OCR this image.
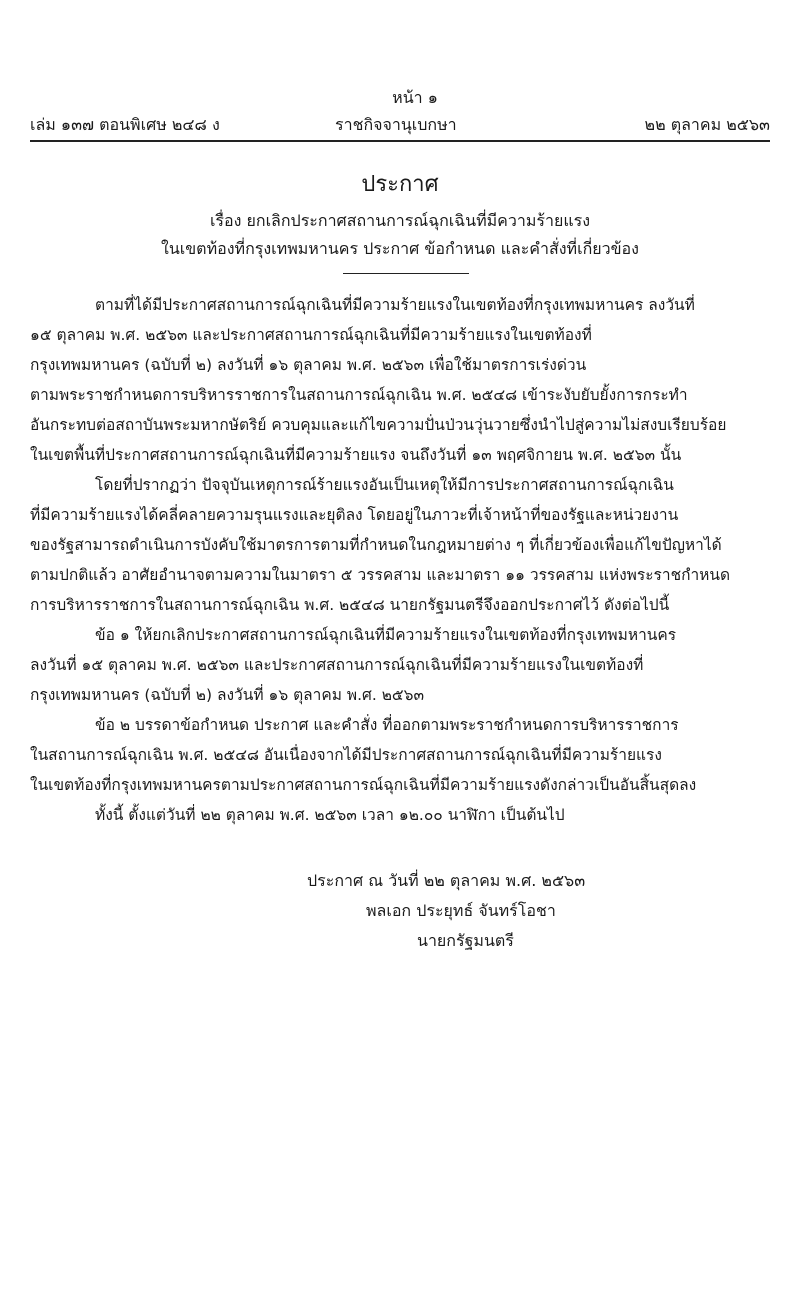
หน้า ๑
เล่ม ๑๓๗ ตอนพิเศษ ๒๔๘ ง	ราชกิจจานุเบกษา	๒๒ ตุลาคม ๒๕๖๓
ประกาศ
เรื่อง ยกเลิกประกาศสถานการณ์ฉุกเฉินที่มีความร้ายแรง
ในเขตท้องที่กรุงเทพมหานคร ประกาศ ข้อกำหนด และคำสั่งที่เกี่ยวข้อง
ตามที่ได้มีประกาศสถานการณ์ฉุกเฉินที่มีความร้ายแรงในเขตท้องที่กรุงเทพมหานคร ลงวันที่
๑๕ ตุลาคม พ.ศ. ๒๕๖๓ และประกาศสถานการณ์ฉุกเฉินที่มีความร้ายแรงในเขตท้องที่
กรุงเทพมหานคร (ฉบับที่ ๒) ลงวันที่ ๑๖ ตุลาคม พ.ศ. ๒๕๖๓ เพื่อใช้มาตรการเร่งด่วน
ตามพระราชกำหนดการบริหารราชการในสถานการณ์ฉุกเฉิน พ.ศ. ๒๕๔๘ เข้าระงับยับยั้งการกระทำ
อันกระทบต่อสถาบันพระมหากษัตริย์ ควบคุมและแก้ไขความปั่นป่วนวุ่นวายซึ่งนำไปสู่ความไม่สงบเรียบร้อย
ในเขตพื้นที่ประกาศสถานการณ์ฉุกเฉินที่มีความร้ายแรง จนถึงวันที่ ๑๓ พฤศจิกายน พ.ศ. ๒๕๖๓ นั้น
โดยที่ปรากฏว่า ปัจจุบันเหตุการณ์ร้ายแรงอันเป็นเหตุให้มีการประกาศสถานการณ์ฉุกเฉิน
ที่มีความร้ายแรงได้คลี่คลายความรุนแรงและยุติลง โดยอยู่ในภาวะที่เจ้าหน้าที่ของรัฐและหน่วยงาน
ของรัฐสามารถดำเนินการบังคับใช้มาตรการตามที่กำหนดในกฎหมายต่าง ๆ ที่เกี่ยวข้องเพื่อแก้ไขปัญหาได้
ตามปกติแล้ว อาศัยอำนาจตามความในมาตรา ๕ วรรคสาม และมาตรา ๑๑ วรรคสาม แห่งพระราชกำหนด
การบริหารราชการในสถานการณ์ฉุกเฉิน พ.ศ. ๒๕๔๘ นายกรัฐมนตรีจึงออกประกาศไว้ ดังต่อไปนี้
ข้อ ๑ ให้ยกเลิกประกาศสถานการณ์ฉุกเฉินที่มีความร้ายแรงในเขตท้องที่กรุงเทพมหานคร
ลงวันที่ ๑๕ ตุลาคม พ.ศ. ๒๕๖๓ และประกาศสถานการณ์ฉุกเฉินที่มีความร้ายแรงในเขตท้องที่
กรุงเทพมหานคร (ฉบับที่ ๒) ลงวันที่ ๑๖ ตุลาคม พ.ศ. ๒๕๖๓
ข้อ ๒ บรรดาข้อกำหนด ประกาศ และคำสั่ง ที่ออกตามพระราชกำหนดการบริหารราชการ
ในสถานการณ์ฉุกเฉิน พ.ศ. ๒๕๔๘ อันเนื่องจากได้มีประกาศสถานการณ์ฉุกเฉินที่มีความร้ายแรง
ในเขตท้องที่กรุงเทพมหานครตามประกาศสถานการณ์ฉุกเฉินที่มีความร้ายแรงดังกล่าวเป็นอันสิ้นสุดลง
ทั้งนี้ ตั้งแต่วันที่ ๒๒ ตุลาคม พ.ศ. ๒๕๖๓ เวลา ๑๒.๐๐ นาฬิกา เป็นต้นไป
ประกาศ ณ วันที่ ๒๒ ตุลาคม พ.ศ. ๒๕๖๓
พลเอก ประยุทธ์ จันทร์โอชา
นายกรัฐมนตรี
